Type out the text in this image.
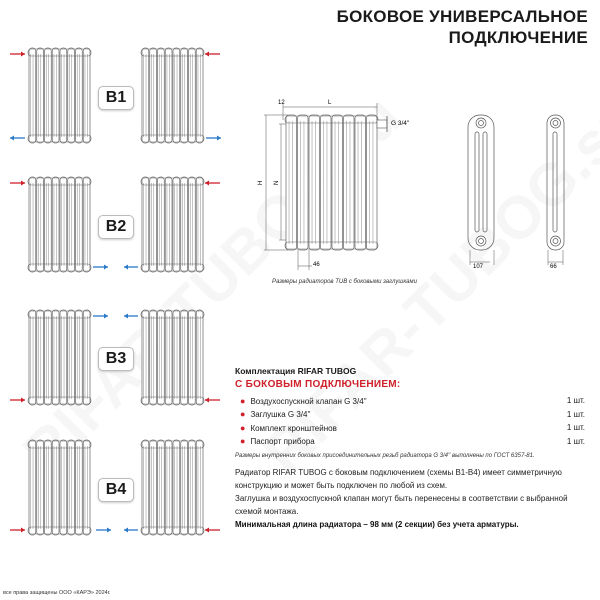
БОКОВОЕ УНИВЕРСАЛЬНОЕ
ПОДКЛЮЧЕНИЕ
B1
B2
B3
B4
12	L
G 3/4''
H N
46	107	66
Размеры радиаторов TUB с боковыми заглушками
Комплектация RIFAR TUBOG
С БОКОВЫМ ПОДКЛЮЧЕНИЕМ:
● Воздухоспускной клапан G 3/4''	1 шт.
● Заглушка G 3/4''	1 шт.
● Комплект кронштейнов	1 шт.
● Паспорт прибора	1 шт.
Размеры внутренних боковых присоединительных резьб радиатора G 3/4'' выполнены по ГОСТ 6357-81.

Радиатор RIFAR TUBOG с боковым подключением (схемы B1-B4) имеет симметричную конструкцию и может быть подключен по любой из схем.

Заглушка и воздухоспускной клапан могут быть перенесены в соответствии с выбранной схемой монтажа.

Минимальная длина радиатора – 98 мм (2 секции) без учета арматуры.

все права защищены ООО «КАРЭ» 2024г.
